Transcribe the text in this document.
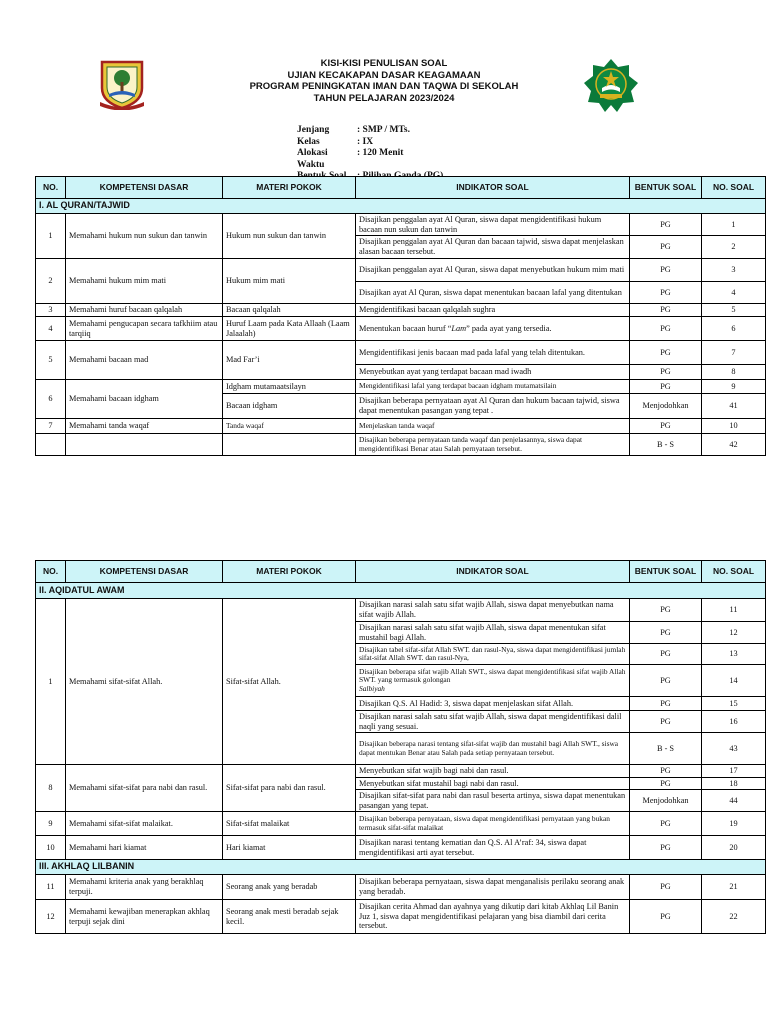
KISI-KISI PENULISAN SOAL
UJIAN KECAKAPAN DASAR KEAGAMAAN
PROGRAM PENINGKATAN IMAN DAN TAQWA DI SEKOLAH
TAHUN PELAJARAN 2023/2024
Jenjang	: SMP / MTs.
Kelas	: IX
Alokasi Waktu
: 120 Menit
NO.	KOMPETENSI DASAR	MATERI POKOK	INDIKATOR SOAL	BENTUK SOAL	NO. SOAL
I. AL QURAN/TAJWID					
1	Memahami hukum nun sukun dan tanwin	Hukum nun sukun dan tanwin	Disajikan penggalan ayat Al Quran, siswa dapat mengidentifikasi hukum bacaan nun sukun dan tanwin	PG	1
			Disajikan penggalan ayat Al Quran dan bacaan tajwid, siswa dapat menjelaskan alasan bacaan tersebut.	PG	2
2	Memahami hukum mim mati	Hukum mim mati	Disajikan penggalan ayat Al Quran, siswa dapat menyebutkan hukum mim mati	PG	3
			Disajikan ayat Al Quran, siswa dapat menentukan bacaan lafal yang ditentukan	PG	4
3	Memahami huruf bacaan qalqalah	Bacaan qalqalah	Mengidentifikasi bacaan qalqalah sughra	PG	5
4	Memahami pengucapan secara tafkhiim atau tarqiiq	Huruf Laam pada Kata Allaah (Laam Jalaalah)	Menentukan bacaan huruf “Lam” pada ayat yang tersedia.	PG	6
5	Memahami bacaan mad	Mad Far’i	Mengidentifikasi jenis bacaan mad pada lafal yang telah ditentukan.	PG	7
			Menyebutkan ayat yang terdapat bacaan mad iwadh	PG	8
6	Memahami bacaan idgham	Idgham mutamaatsilayn	Mengidentifikasi lafal yang terdapat bacaan idgham mutamatsilain	PG	9
		Bacaan idgham	Disajikan beberapa pernyataan ayat Al Quran dan hukum bacaan tajwid, siswa dapat menentukan pasangan yang tepat .	Menjodohkan	41
7	Memahami tanda waqaf	Tanda waqaf	Menjelaskan tanda waqaf	PG	10
			Disajikan beberapa pernyataan tanda waqaf dan penjelasannya, siswa dapat mengidentifikasi Benar atau Salah pernyataan tersebut.	B - S	42
NO.	KOMPETENSI DASAR	MATERI POKOK	INDIKATOR SOAL	BENTUK SOAL	NO. SOAL
II. AQIDATUL AWAM					
1	Memahami sifat-sifat Allah.	Sifat-sifat Allah.	Disajikan narasi salah satu sifat wajib Allah, siswa dapat menyebutkan nama sifat wajib Allah.	PG	11
			Disajikan narasi salah satu sifat wajib Allah, siswa dapat menentukan sifat mustahil bagi Allah.	PG	12
			Disajikan tabel sifat-sifat Allah SWT. dan rasul-Nya, siswa dapat mengidentifikasi jumlah sifat-sifat Allah SWT. dan rasul-Nya,	PG	13
			Disajikan beberapa sifat wajib Allah SWT., siswa dapat mengidentifikasi sifat wajib Allah SWT. yang termasuk golongan
Salbiyah	PG	14
			Disajikan Q.S. Al Hadid: 3, siswa dapat menjelaskan sifat Allah.	PG	15
			Disajikan narasi salah satu sifat wajib Allah, siswa dapat mengidentifikasi dalil naqli yang sesuai.	PG	16
			Disajikan beberapa narasi tentang sifat-sifat wajib dan mustahil bagi Allah SWT., siswa dapat mentukan Benar atau Salah pada setiap pernyataan tersebut.	B - S	43
8	Memahami sifat-sifat para nabi dan rasul.	Sifat-sifat para nabi dan rasul.	Menyebutkan sifat wajib bagi nabi dan rasul.	PG	17
			Menyebutkan sifat mustahil bagi nabi dan rasul.	PG	18
			Disajikan sifat-sifat para nabi dan rasul beserta artinya, siswa dapat menentukan pasangan yang tepat.	Menjodohkan	44
9	Memahami sifat-sifat malaikat.	Sifat-sifat malaikat	Disajikan beberapa pernyataan, siswa dapat mengidentifikasi pernyataan yang bukan termasuk sifat-sifat malaikat	PG	19
10	Memahami hari kiamat	Hari kiamat	Disajikan narasi tentang kematian dan Q.S. Al A’raf: 34, siswa dapat mengidentifikasi arti ayat tersebut.	PG	20
III. AKHLAQ LILBANIN					
11	Memahami kriteria anak yang berakhlaq terpuji.	Seorang anak yang beradab	Disajikan beberapa pernyataan, siswa dapat menganalisis perilaku seorang anak yang beradab.	PG	21
12	Memahami kewajiban menerapkan akhlaq terpuji sejak dini	Seorang anak mesti beradab sejak kecil.	Disajikan cerita Ahmad dan ayahnya yang dikutip dari kitab Akhlaq Lil Banin Juz 1, siswa dapat mengidentifikasi pelajaran yang bisa diambil dari cerita tersebut.	PG	22
